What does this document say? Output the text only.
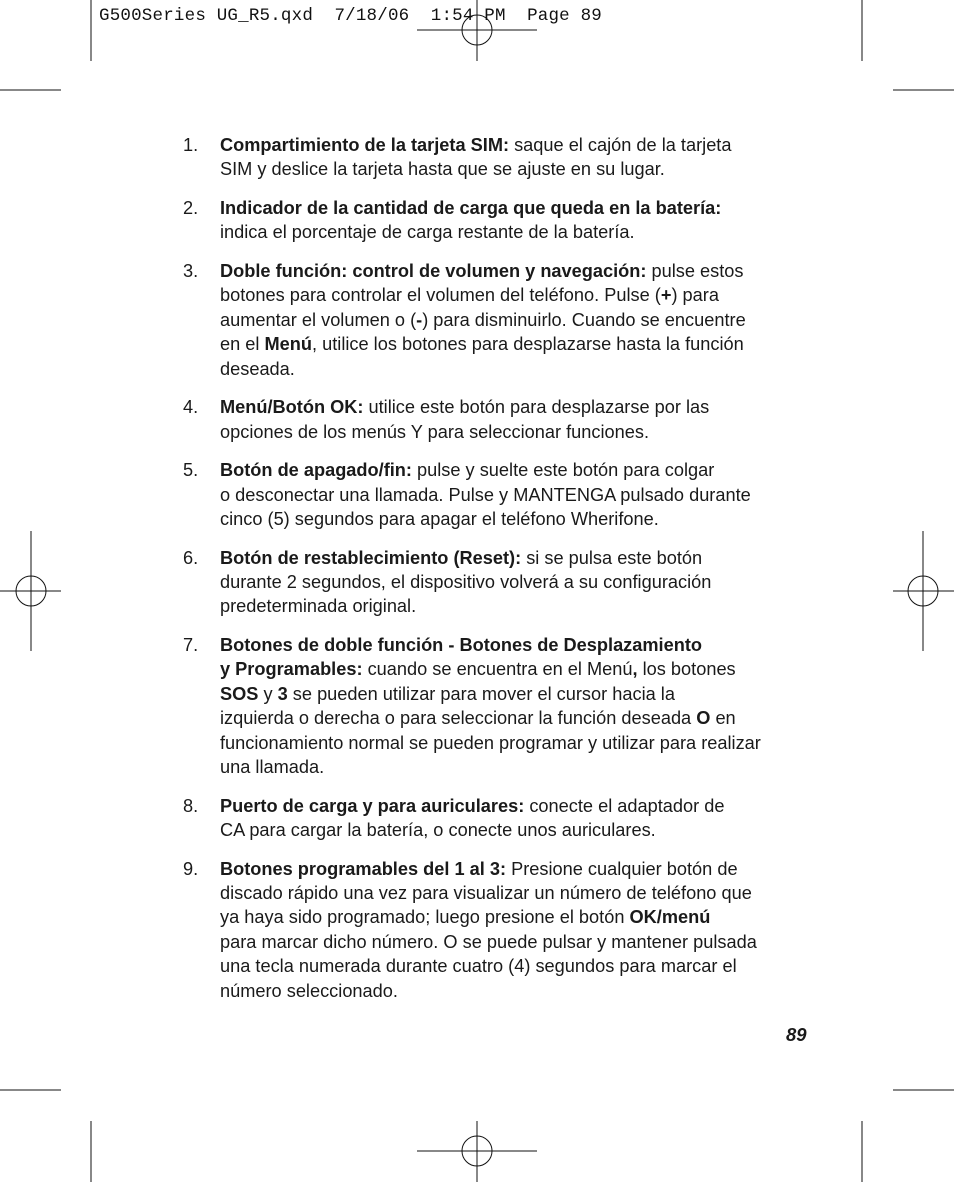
G500Series UG_R5.qxd  7/18/06  1:54 PM  Page 89
1.	Compartimiento de la tarjeta SIM: saque el cajón de la tarjeta
SIM y deslice la tarjeta hasta que se ajuste en su lugar.
2.	Indicador de la cantidad de carga que queda en la batería:
indica el porcentaje de carga restante de la batería.
3.	Doble función: control de volumen y navegación: pulse estos
botones para controlar el volumen del teléfono. Pulse (+) para
aumentar el volumen o (-) para disminuirlo. Cuando se encuentre
en el Menú, utilice los botones para desplazarse hasta la función
deseada.
4.	Menú/Botón OK: utilice este botón para desplazarse por las
opciones de los menús Y para seleccionar funciones.
5.	Botón de apagado/fin: pulse y suelte este botón para colgar
o desconectar una llamada. Pulse y MANTENGA pulsado durante
cinco (5) segundos para apagar el teléfono Wherifone.
6.	Botón de restablecimiento (Reset): si se pulsa este botón
durante 2 segundos, el dispositivo volverá a su configuración
predeterminada original.
7.	Botones de doble función - Botones de Desplazamiento
y Programables: cuando se encuentra en el Menú, los botones
SOS y 3 se pueden utilizar para mover el cursor hacia la
izquierda o derecha o para seleccionar la función deseada O en
funcionamiento normal se pueden programar y utilizar para realizar
una llamada.
8.	Puerto de carga y para auriculares: conecte el adaptador de
CA para cargar la batería, o conecte unos auriculares.
9.	Botones programables del 1 al 3: Presione cualquier botón de
discado rápido una vez para visualizar un número de teléfono que
ya haya sido programado; luego presione el botón OK/menú
para marcar dicho número. O se puede pulsar y mantener pulsada
una tecla numerada durante cuatro (4) segundos para marcar el
número seleccionado.
89
